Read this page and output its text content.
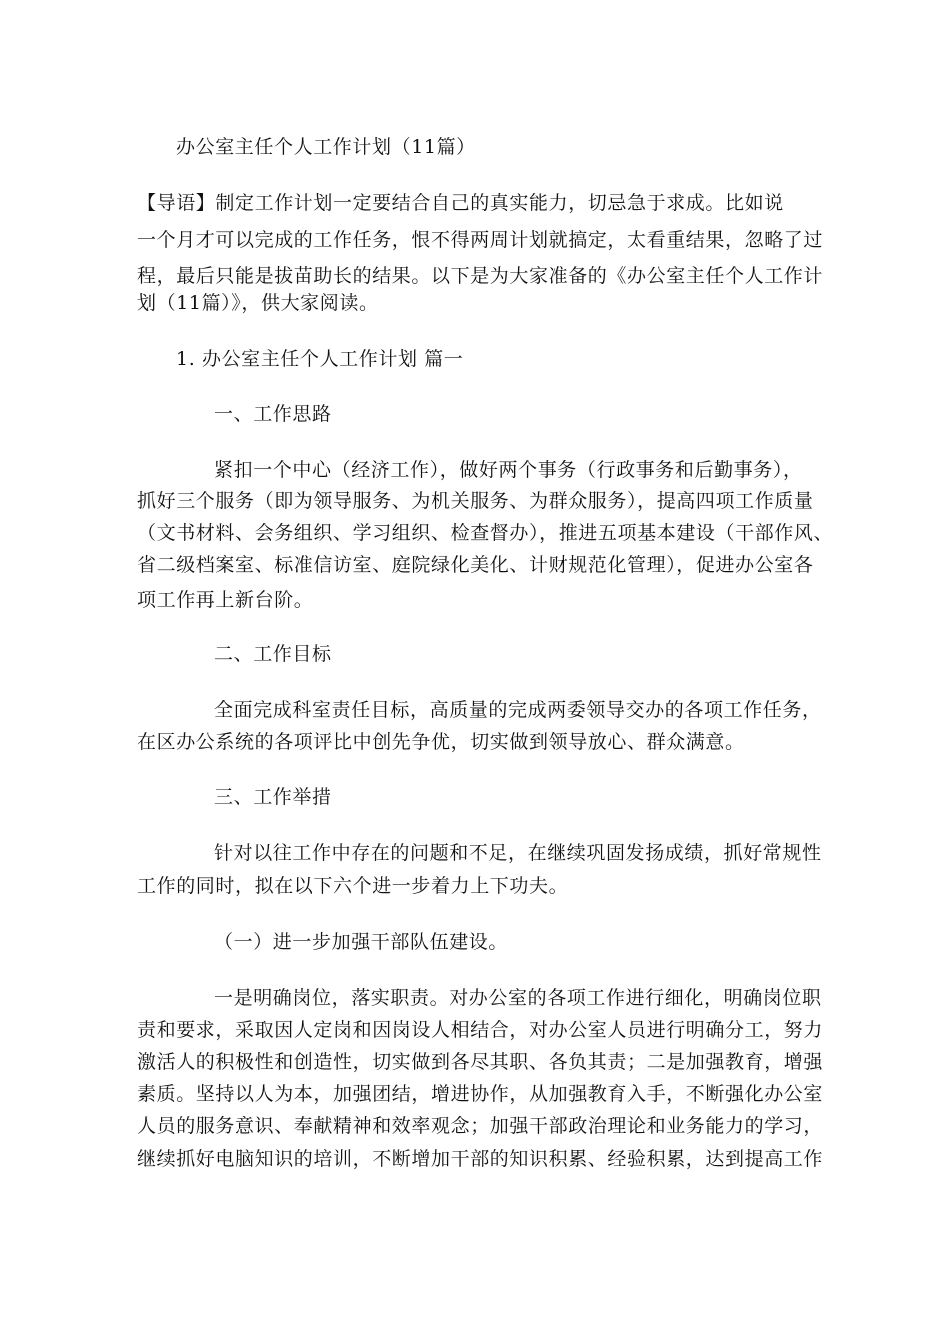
办公室主任个人工作计划（11篇）
【导语】制定工作计划一定要结合自己的真实能力，切忌急于求成。比如说
一个月才可以完成的工作任务，恨不得两周计划就搞定，太看重结果，忽略了过
程，最后只能是拔苗助长的结果。以下是为大家准备的《办公室主任个人工作计
划（11篇）》，供大家阅读。
1. 办公室主任个人工作计划 篇一
一、工作思路
紧扣一个中心（经济工作），做好两个事务（行政事务和后勤事务），
抓好三个服务（即为领导服务、为机关服务、为群众服务），提高四项工作质量
（文书材料、会务组织、学习组织、检查督办），推进五项基本建设（干部作风、
省二级档案室、标准信访室、庭院绿化美化、计财规范化管理），促进办公室各
项工作再上新台阶。
二、工作目标
全面完成科室责任目标，高质量的完成两委领导交办的各项工作任务，
在区办公系统的各项评比中创先争优，切实做到领导放心、群众满意。
三、工作举措
针对以往工作中存在的问题和不足，在继续巩固发扬成绩，抓好常规性
工作的同时，拟在以下六个进一步着力上下功夫。
（一）进一步加强干部队伍建设。
一是明确岗位，落实职责。对办公室的各项工作进行细化，明确岗位职
责和要求，采取因人定岗和因岗设人相结合，对办公室人员进行明确分工，努力
激活人的积极性和创造性，切实做到各尽其职、各负其责；二是加强教育，增强
素质。坚持以人为本，加强团结，增进协作，从加强教育入手，不断强化办公室
人员的服务意识、奉献精神和效率观念；加强干部政治理论和业务能力的学习，
继续抓好电脑知识的培训，不断增加干部的知识积累、经验积累，达到提高工作
